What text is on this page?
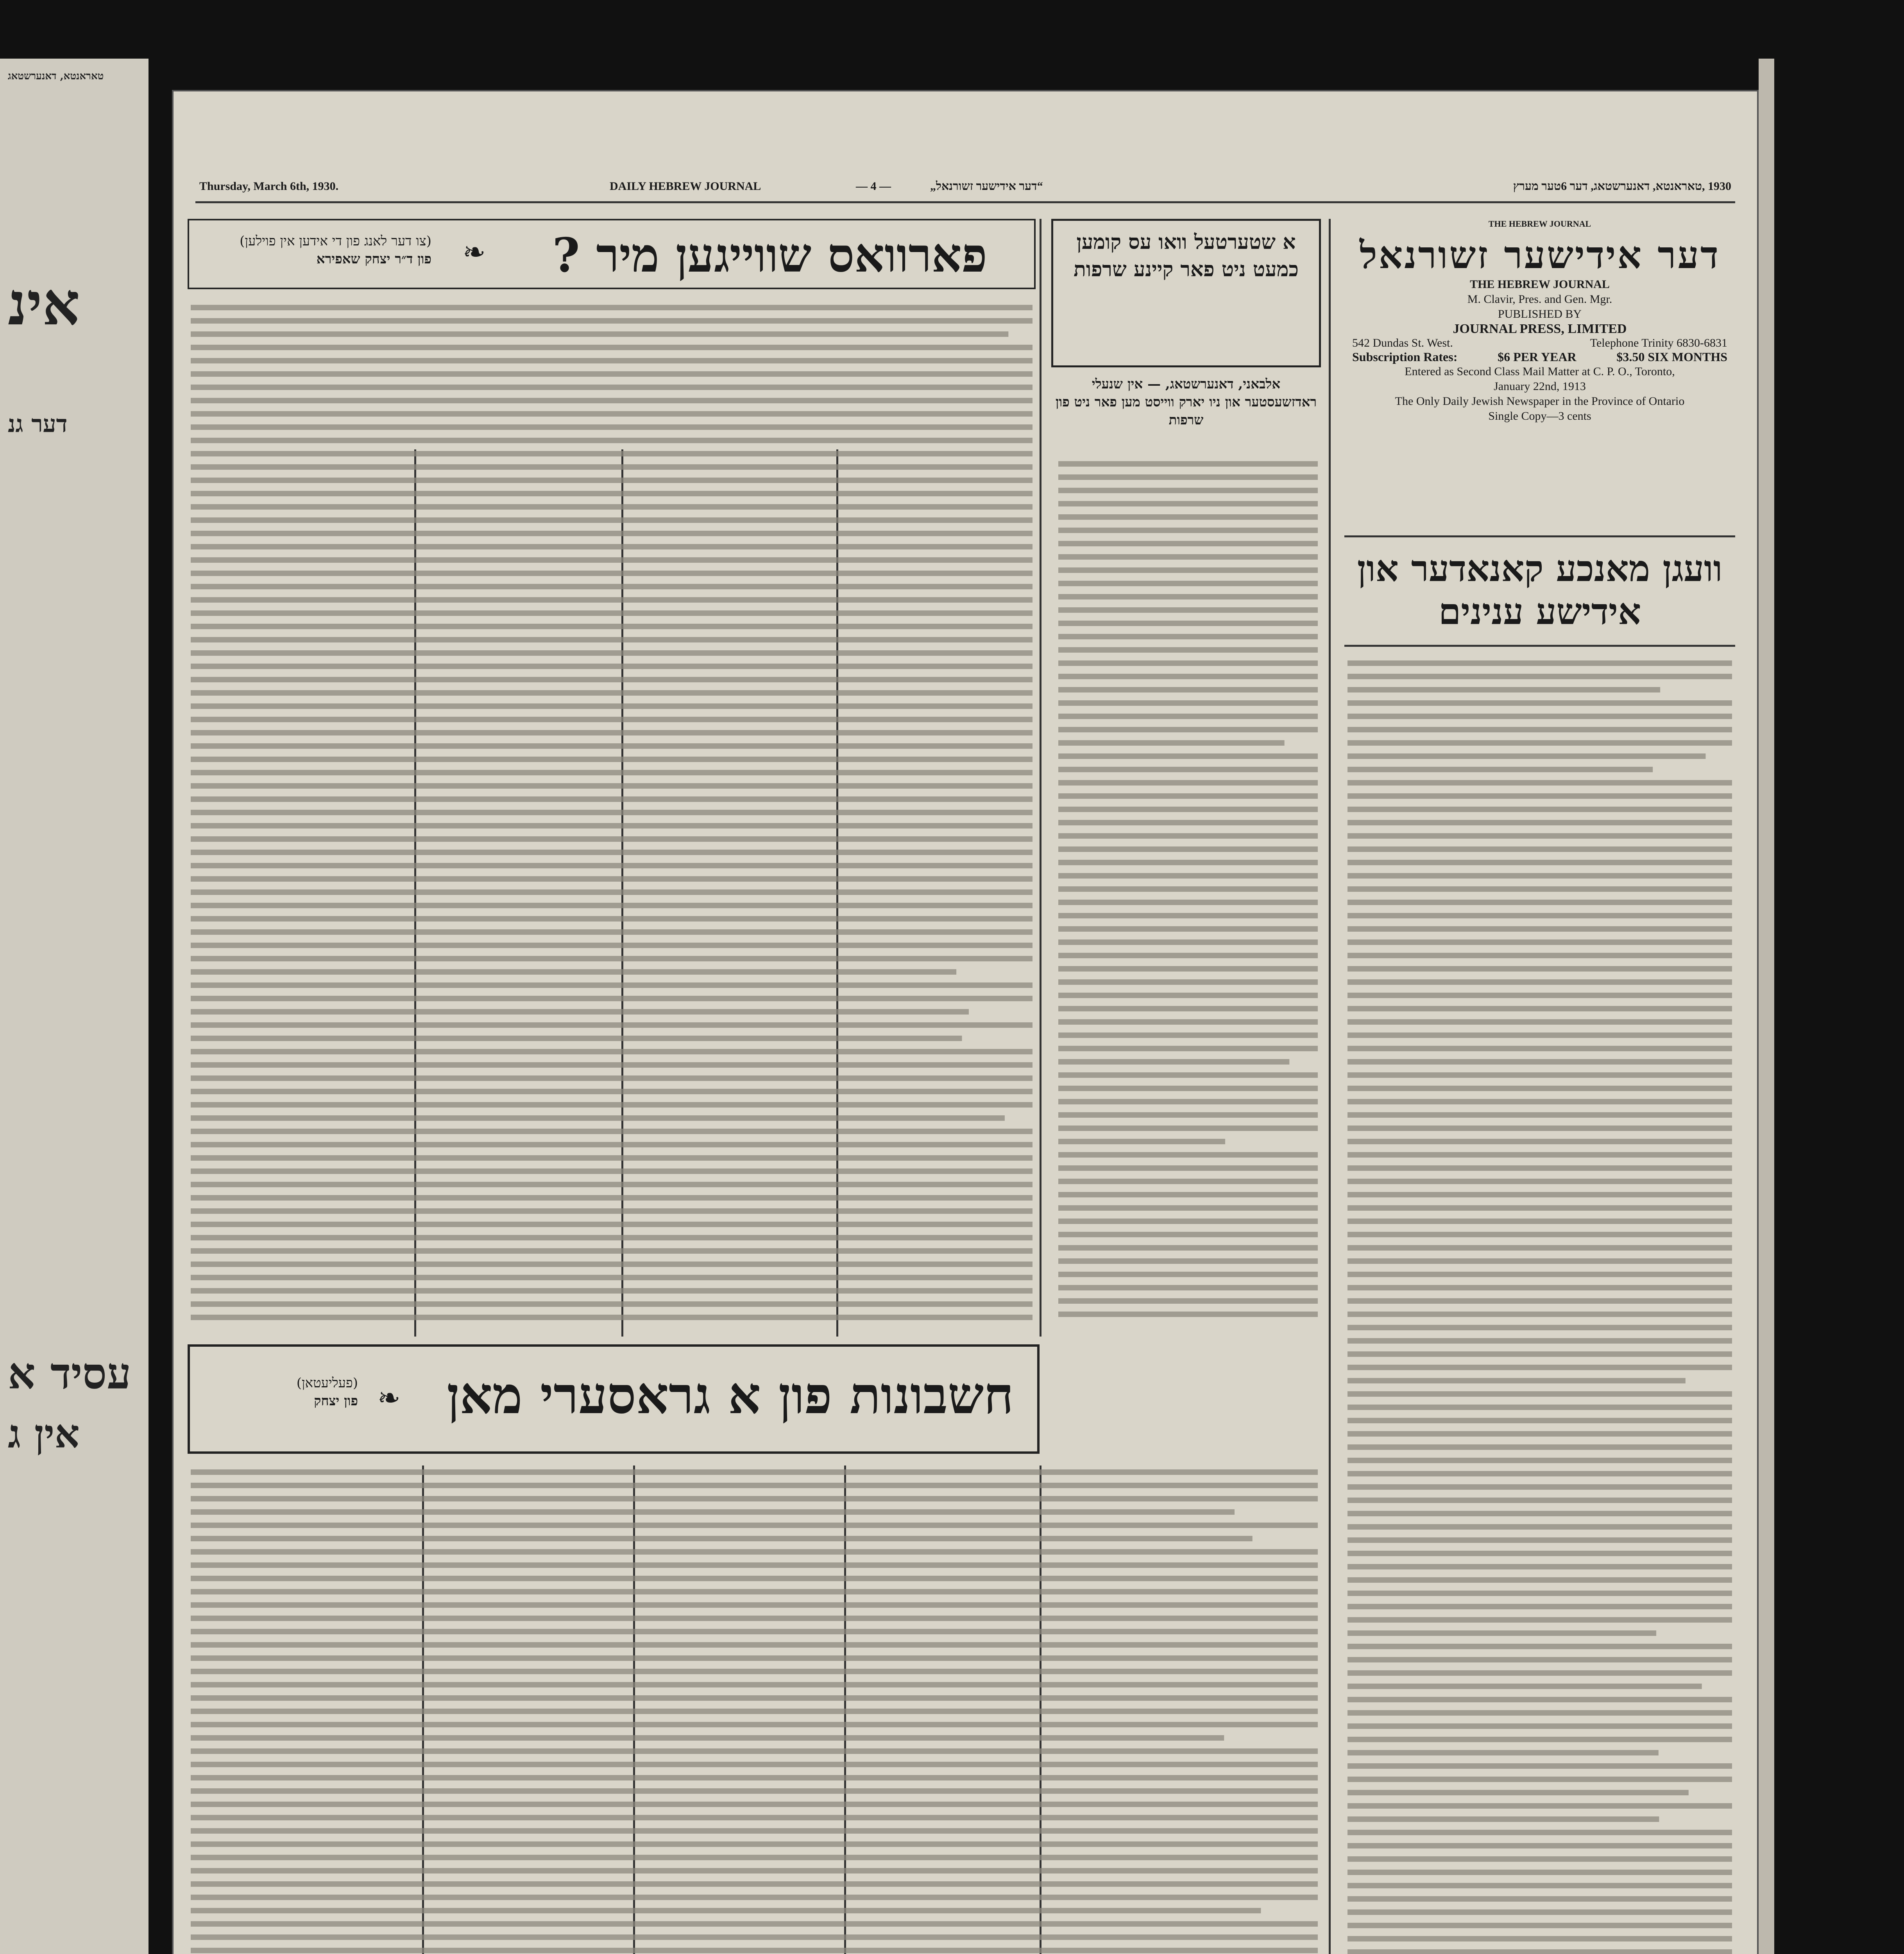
טאראנטא, דאנערשטאג
אינ
דער גנ
עסיד א
אין ג
Thursday, March 6th, 1930.	DAILY HEBREW JOURNAL	— 4 —	„דער אידישער זשורנאל“	1930 ,טאראנטא, דאנערשטאג, דער 6טער מערץ
THE HEBREW JOURNAL
דער אידישער זשורנאל
THE HEBREW JOURNAL
M. Clavir, Pres. and Gen. Mgr.
PUBLISHED BY
JOURNAL PRESS, LIMITED
542 Dundas St. West.	Telephone Trinity 6830-6831
Subscription Rates:	$6 PER YEAR	$3.50 SIX MONTHS
Entered as Second Class Mail Matter at C. P. O., Toronto,
January 22nd, 1913
The Only Daily Jewish Newspaper in the Province of Ontario
Single Copy—3 cents
וועגן מאנכע קאנאדער און אידישע ענינים
פארוואס שווייגען מיר ?
❧
(צו דער לאנג פון די אידען אין פוילען)
פון ד״ר יצחק שאפירא
א שטערטעל וואו עס קומען כמעט ניט פאר קיינע שרפות
אלבאני, דאנערשטאג, — אין שנעלי ראדזשעסטער און ניו יארק ווייסט מען פאר ניט פון שרפות
חשבונות פון א גראסערי מאן
❧
(פעליעטאן)
פון יצחק
